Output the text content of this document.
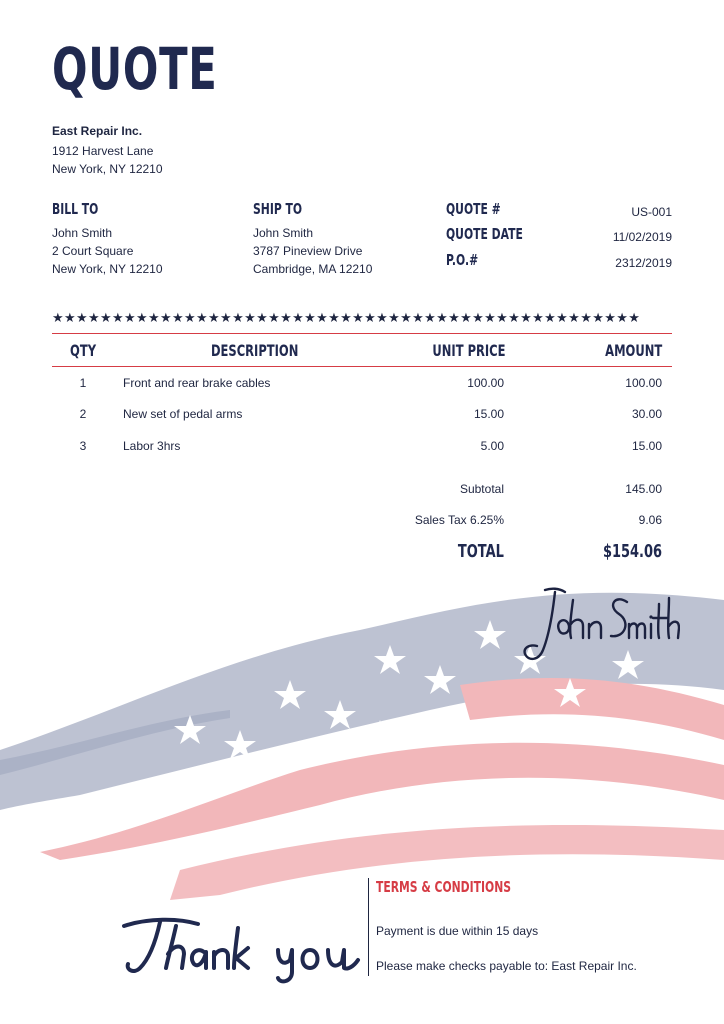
QUOTE
East Repair Inc.
1912 Harvest Lane
New York, NY 12210
BILL TO
John Smith
2 Court Square
New York, NY 12210
SHIP TO
John Smith
3787 Pineview Drive
Cambridge, MA 12210
QUOTE #	US-001
QUOTE DATE	11/02/2019
P.O.#	2312/2019
★★★★★★★★★★★★★★★★★★★★★★★★★★★★★★★★★★★★★★★★★★★★★★★★★
QTY	DESCRIPTION	UNIT PRICE	AMOUNT
1	Front and rear brake cables	100.00	100.00
2	New set of pedal arms	15.00	30.00
3	Labor 3hrs	5.00	15.00
Subtotal	145.00
Sales Tax 6.25%	9.06
TOTAL	$154.06
TERMS & CONDITIONS
Payment is due within 15 days
Please make checks payable to: East Repair Inc.
